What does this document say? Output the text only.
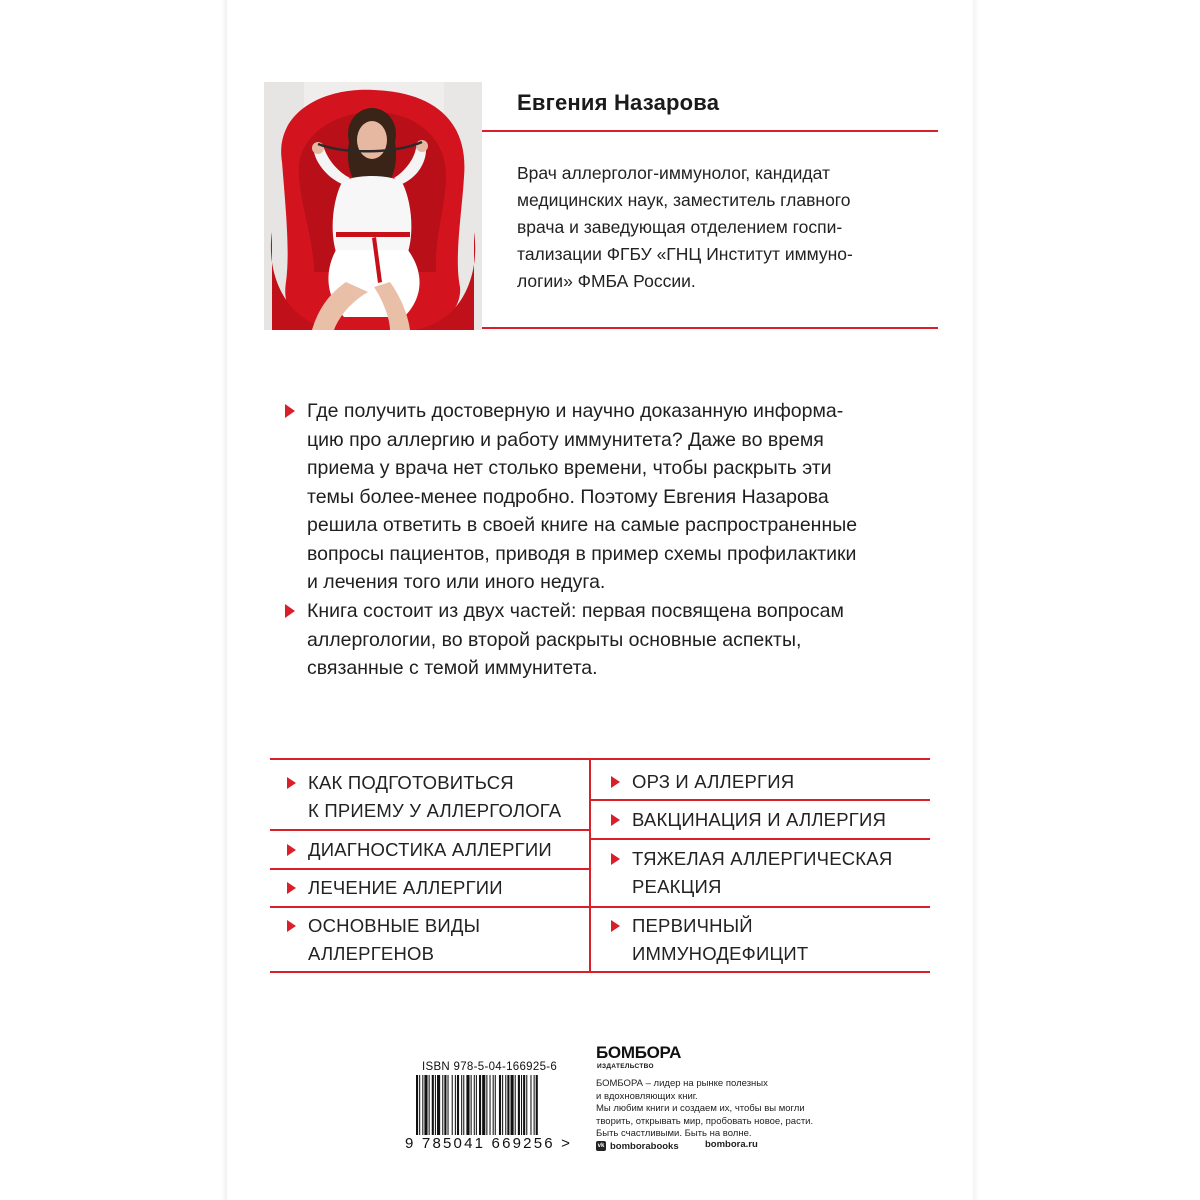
Евгения Назарова
Врач аллерголог-иммунолог, кандидат
медицинских наук, заместитель главного
врача и заведующая отделением госпи-
тализации ФГБУ «ГНЦ Институт иммуно-
логии» ФМБА России.
Где получить достоверную и научно доказанную информа-
цию про аллергию и работу иммунитета? Даже во время
приема у врача нет столько времени, чтобы раскрыть эти
темы более-менее подробно. Поэтому Евгения Назарова
решила ответить в своей книге на самые распространенные
вопросы пациентов, приводя в пример схемы профилактики
и лечения того или иного недуга.
Книга состоит из двух частей: первая посвящена вопросам
аллергологии, во второй раскрыты основные аспекты,
связанные с темой иммунитета.
КАК ПОДГОТОВИТЬСЯ
К ПРИЕМУ У АЛЛЕРГОЛОГА
ДИАГНОСТИКА АЛЛЕРГИИ
ЛЕЧЕНИЕ АЛЛЕРГИИ
ОСНОВНЫЕ ВИДЫ
АЛЛЕРГЕНОВ
ОРЗ И АЛЛЕРГИЯ
ВАКЦИНАЦИЯ И АЛЛЕРГИЯ
ТЯЖЕЛАЯ АЛЛЕРГИЧЕСКАЯ
РЕАКЦИЯ
ПЕРВИЧНЫЙ
ИММУНОДЕФИЦИТ
ISBN 978-5-04-166925-6
9 785041 669256 >
БОМБОРА
ИЗДАТЕЛЬСТВО
БОМБОРА – лидер на рынке полезных
и вдохновляющих книг.
Мы любим книги и создаем их, чтобы вы могли
творить, открывать мир, пробовать новое, расти.
Быть счастливыми. Быть на волне.
vk bomborabooks	bombora.ru
